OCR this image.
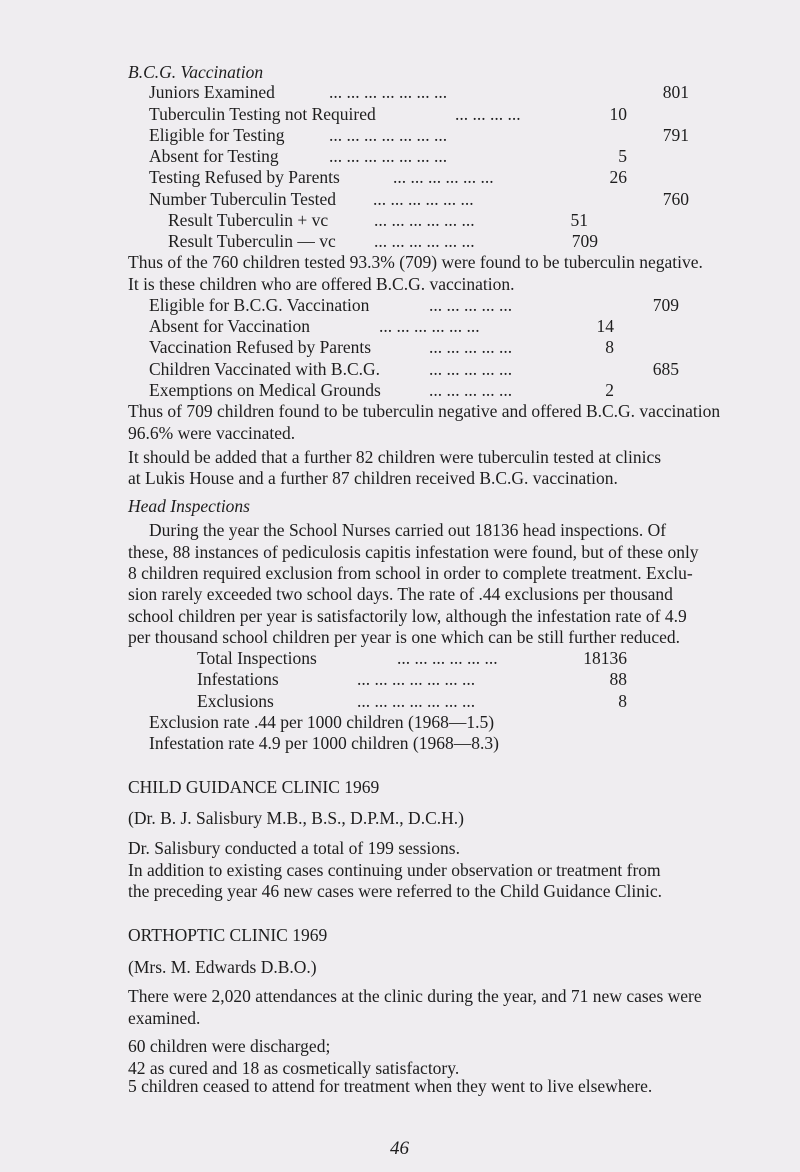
B.C.G. Vaccination
Juniors Examined	... ... ... ... ... ... ...	801
Tuberculin Testing not Required	... ... ... ...	10
Eligible for Testing	... ... ... ... ... ... ...	791
Absent for Testing	... ... ... ... ... ... ...	5
Testing Refused by Parents	... ... ... ... ... ...	26
Number Tuberculin Tested ... ... ... ... ... ...	760
Result Tuberculin + vc	... ... ... ... ... ...	51
Result Tuberculin — vc ... ... ... ... ... ...	709
Thus of the 760 children tested 93.3% (709) were found to be tuberculin negative.
It is these children who are offered B.C.G. vaccination.
Eligible for B.C.G. Vaccination	... ... ... ... ...	709
Absent for Vaccination	... ... ... ... ... ...	14
Vaccination Refused by Parents	... ... ... ... ...	8
Children Vaccinated with B.C.G.	... ... ... ... ...	685
Exemptions on Medical Grounds	... ... ... ... ...	2
Thus of 709 children found to be tuberculin negative and offered B.C.G. vaccination
96.6% were vaccinated.
It should be added that a further 82 children were tuberculin tested at clinics
at Lukis House and a further 87 children received B.C.G. vaccination.
Head Inspections
During the year the School Nurses carried out 18136 head inspections. Of
these, 88 instances of pediculosis capitis infestation were found, but of these only
8 children required exclusion from school in order to complete treatment. Exclu-
sion rarely exceeded two school days. The rate of .44 exclusions per thousand
school children per year is satisfactorily low, although the infestation rate of 4.9
per thousand school children per year is one which can be still further reduced.
Total Inspections	... ... ... ... ... ...	18136
Infestations	... ... ... ... ... ... ...	88
Exclusions	... ... ... ... ... ... ...	8
Exclusion rate .44 per 1000 children (1968—1.5)
Infestation rate 4.9 per 1000 children (1968—8.3)
CHILD GUIDANCE CLINIC 1969
(Dr. B. J. Salisbury M.B., B.S., D.P.M., D.C.H.)
Dr. Salisbury conducted a total of 199 sessions.
In addition to existing cases continuing under observation or treatment from
the preceding year 46 new cases were referred to the Child Guidance Clinic.
ORTHOPTIC CLINIC 1969
(Mrs. M. Edwards D.B.O.)
There were 2,020 attendances at the clinic during the year, and 71 new cases were
examined.
60 children were discharged;
42 as cured and 18 as cosmetically satisfactory.
5 children ceased to attend for treatment when they went to live elsewhere.
46
